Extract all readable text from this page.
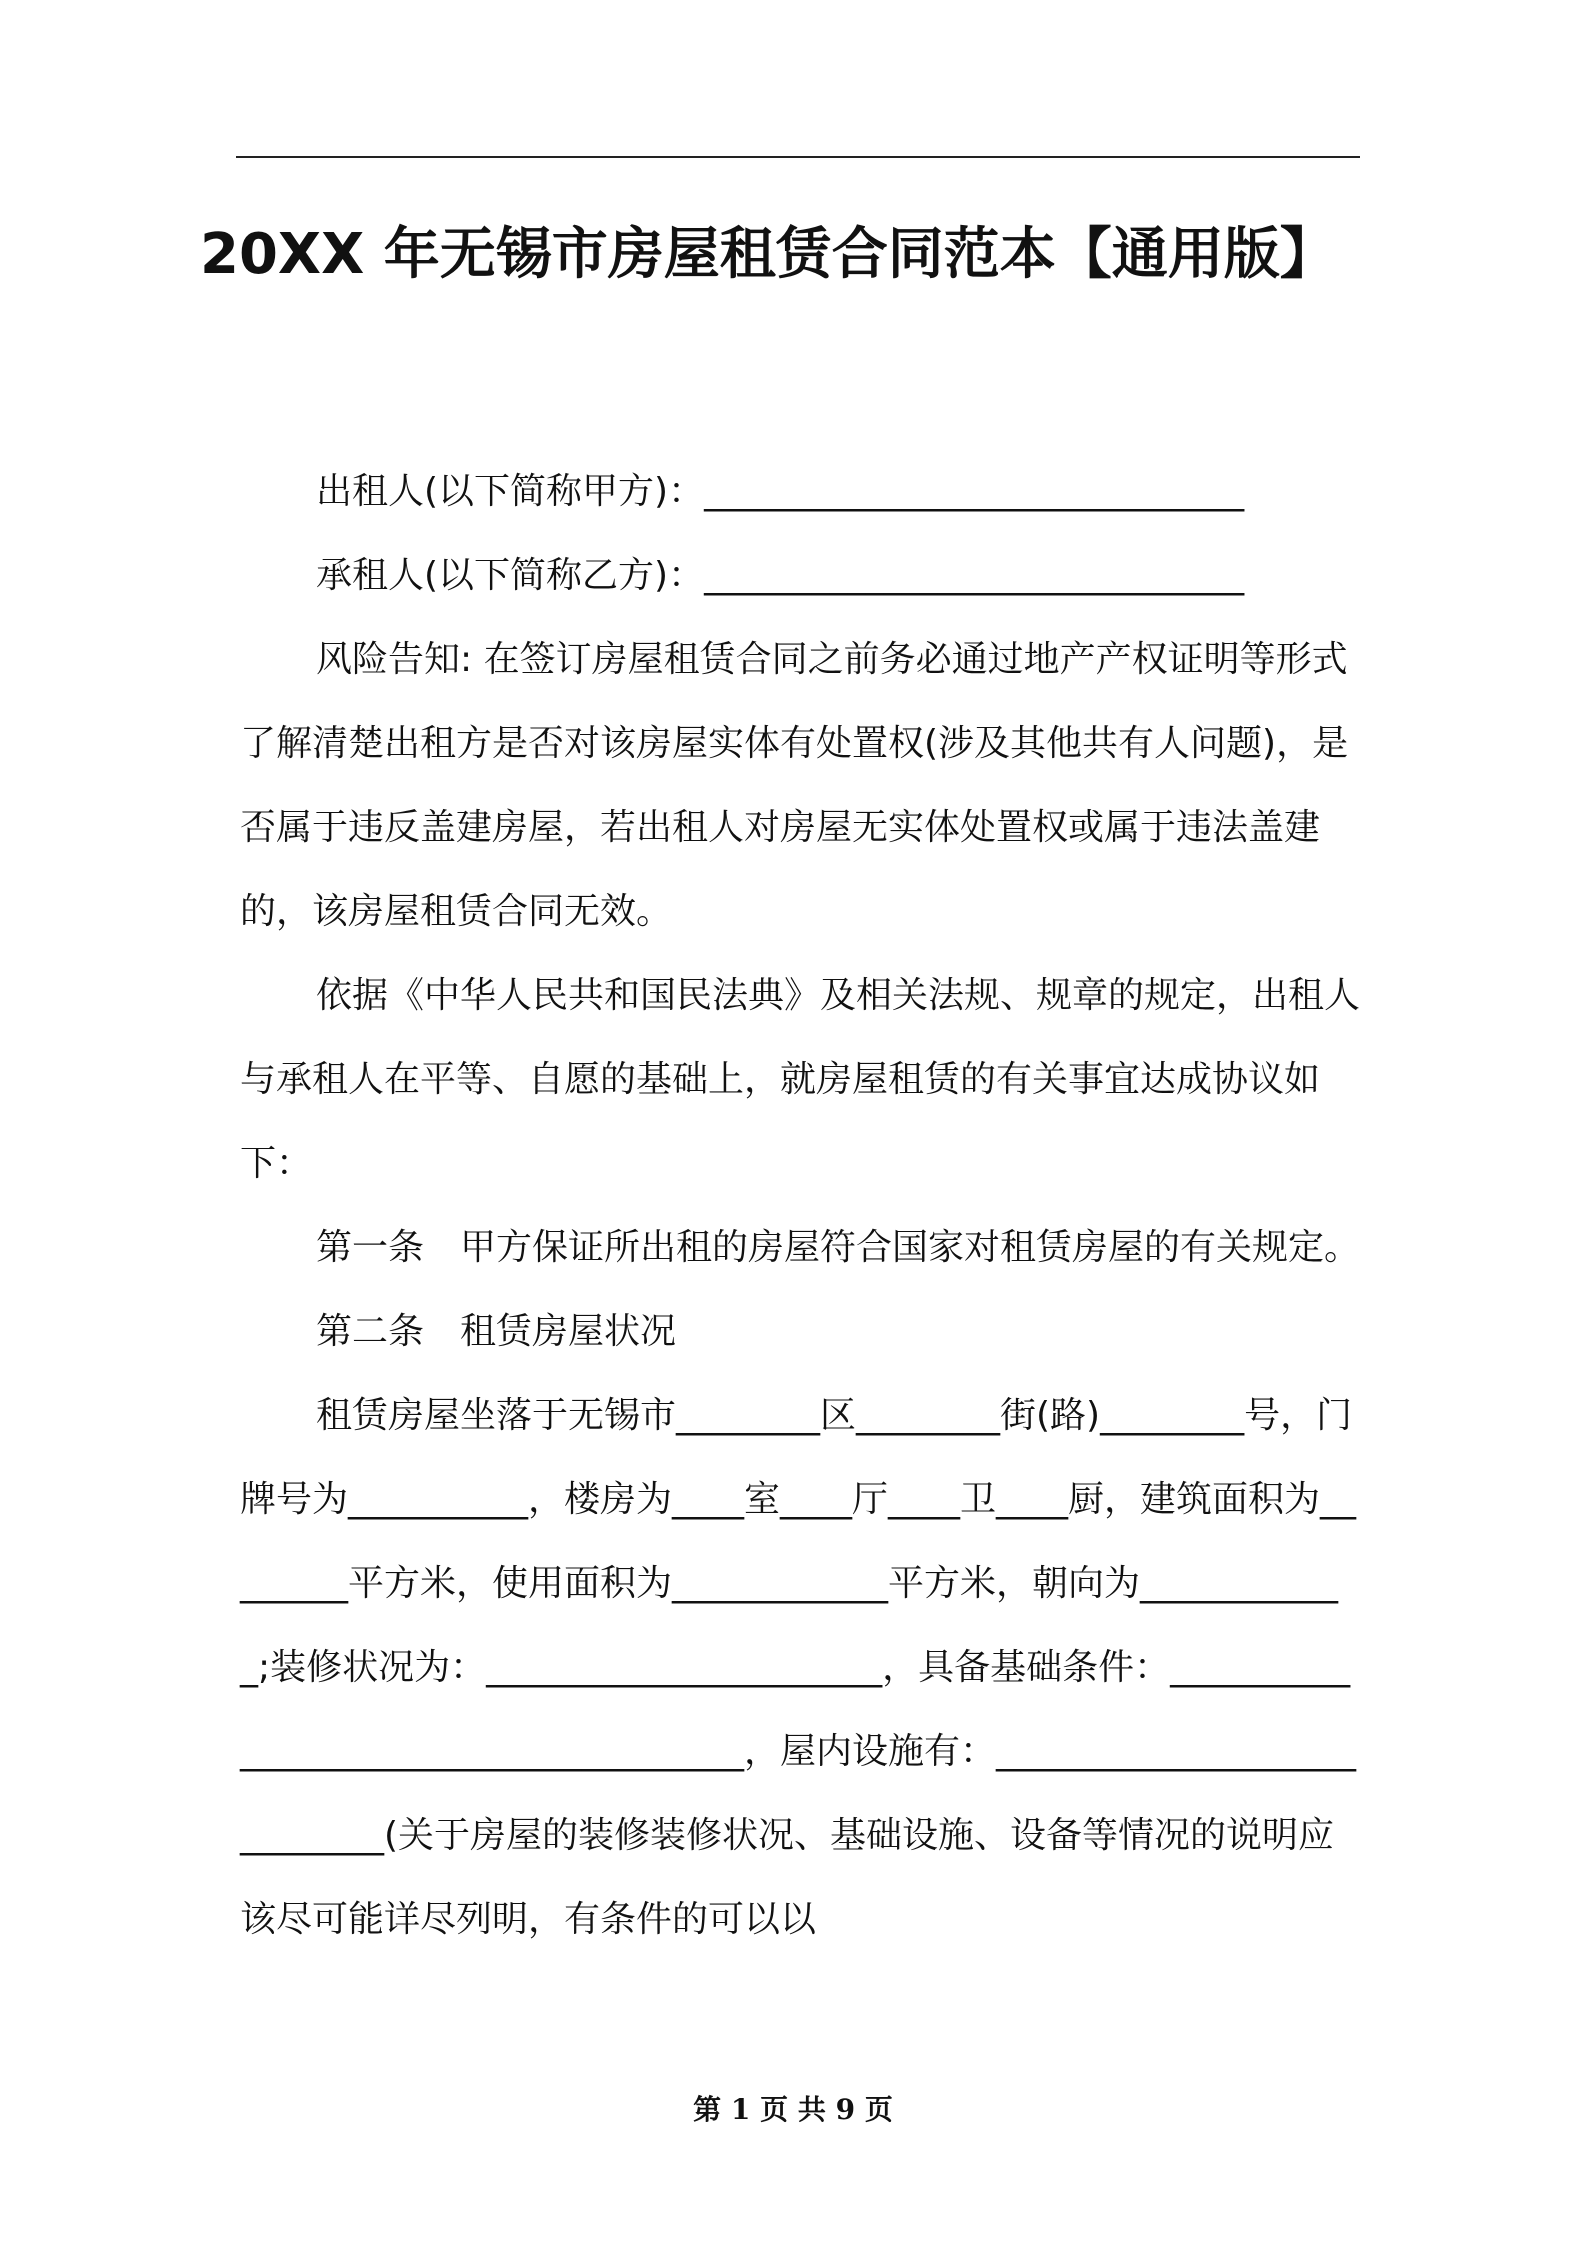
20XX 年无锡市房屋租赁合同范本【通用版】

出租人(以下简称甲方)：______________________________

承租人(以下简称乙方)：______________________________

风险告知: 在签订房屋租赁合同之前务必通过地产产权证明等形式了解清楚出租方是否对该房屋实体有处置权(涉及其他共有人问题)，是否属于违反盖建房屋，若出租人对房屋无实体处置权或属于违法盖建的，该房屋租赁合同无效。

依据《中华人民共和国民法典》及相关法规、规章的规定，出租人与承租人在平等、自愿的基础上，就房屋租赁的有关事宜达成协议如下：

第一条　甲方保证所出租的房屋符合国家对租赁房屋的有关规定。

第二条　租赁房屋状况

租赁房屋坐落于无锡市________区________街(路)________号，门牌号为__________，楼房为____室____厅____卫____厨，建筑面积为________平方米，使用面积为____________平方米，朝向为____________;装修状况为：______________________，具备基础条件：______________________________________，屋内设施有：____________________________(关于房屋的装修装修状况、基础设施、设备等情况的说明应该尽可能详尽列明，有条件的可以以

第 1 页 共 9 页
